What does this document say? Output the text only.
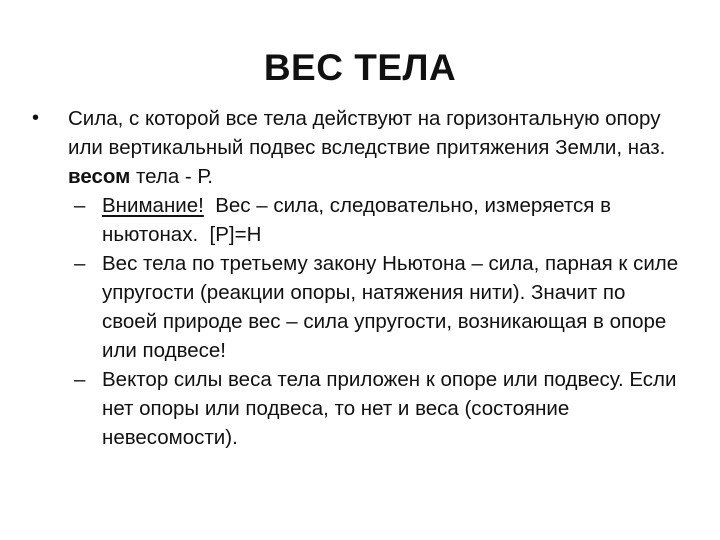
ВЕС ТЕЛА

• Сила, с которой все тела действуют на горизонтальную опору или вертикальный подвес вследствие притяжения Земли, наз. весом тела - Р.

– Внимание!  Вес – сила, следовательно, измеряется в ньютонах.  [P]=Н

– Вес тела по третьему закону Ньютона – сила, парная к силе упругости (реакции опоры, натяжения нити). Значит по своей природе вес – сила упругости, возникающая в опоре или подвесе!

– Вектор силы веса тела приложен к опоре или подвесу. Если нет опоры или подвеса, то нет и веса (состояние невесомости).
